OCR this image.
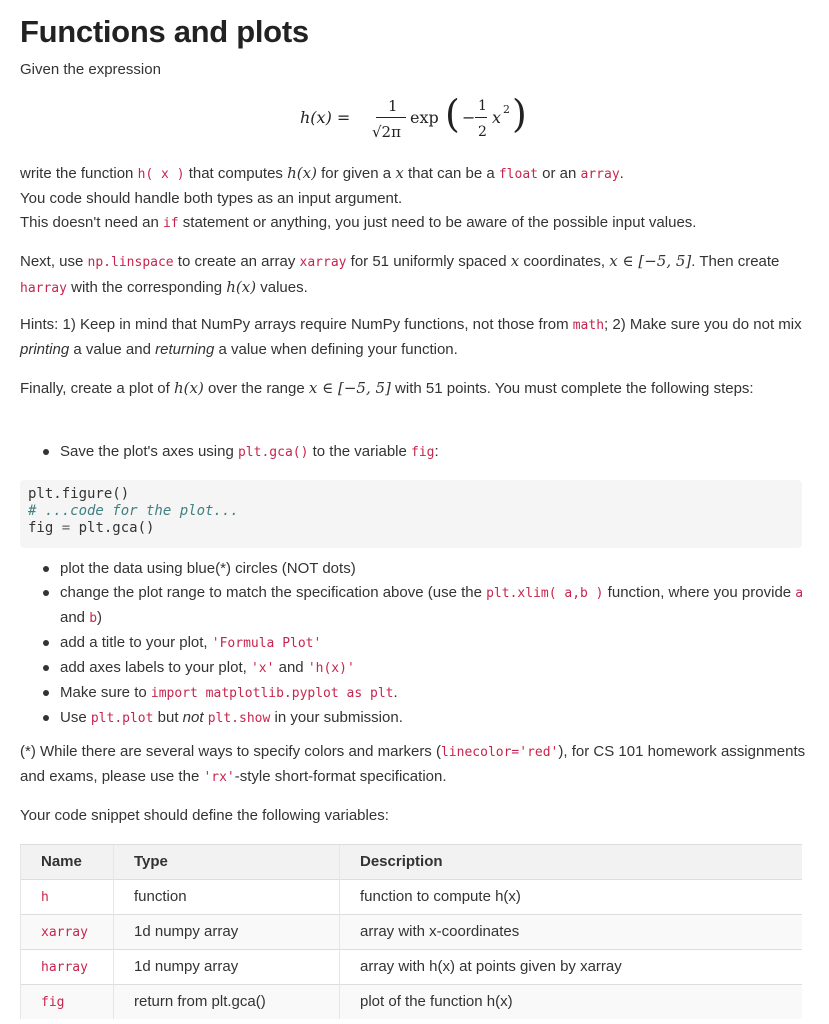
Functions and plots

Given the expression

h(x) =
1
√2π
exp ( −
1
2
x 2 )

write the function h( x ) that computes h(x) for given a x that can be a float or an array.
You code should handle both types as an input argument.
This doesn't need an if statement or anything, you just need to be aware of the possible input values.

Next, use np.linspace to create an array xarray for 51 uniformly spaced x coordinates, x ∈ [−5, 5]. Then create harray with the corresponding h(x) values.

Hints: 1) Keep in mind that NumPy arrays require NumPy functions, not those from math; 2) Make sure you do not mix printing a value and returning a value when defining your function.

Finally, create a plot of h(x) over the range x ∈ [−5, 5] with 51 points. You must complete the following steps:

Save the plot's axes using plt.gca() to the variable fig:
plt.figure()
# ...code for the plot...
fig = plt.gca()
plot the data using blue(*) circles (NOT dots)
change the plot range to match the specification above (use the plt.xlim( a,b ) function, where you provide a and b)
add a title to your plot, 'Formula Plot'
add axes labels to your plot, 'x' and 'h(x)'
Make sure to import matplotlib.pyplot as plt.
Use plt.plot but not plt.show in your submission.

(*) While there are several ways to specify colors and markers (linecolor='red'), for CS 101 homework assignments and exams, please use the 'rx'-style short-format specification.

Your code snippet should define the following variables:

Name	Type	Description
h	function	function to compute h(x)
xarray	1d numpy array	array with x-coordinates
harray	1d numpy array	array with h(x) at points given by xarray
fig	return from plt.gca()	plot of the function h(x)
